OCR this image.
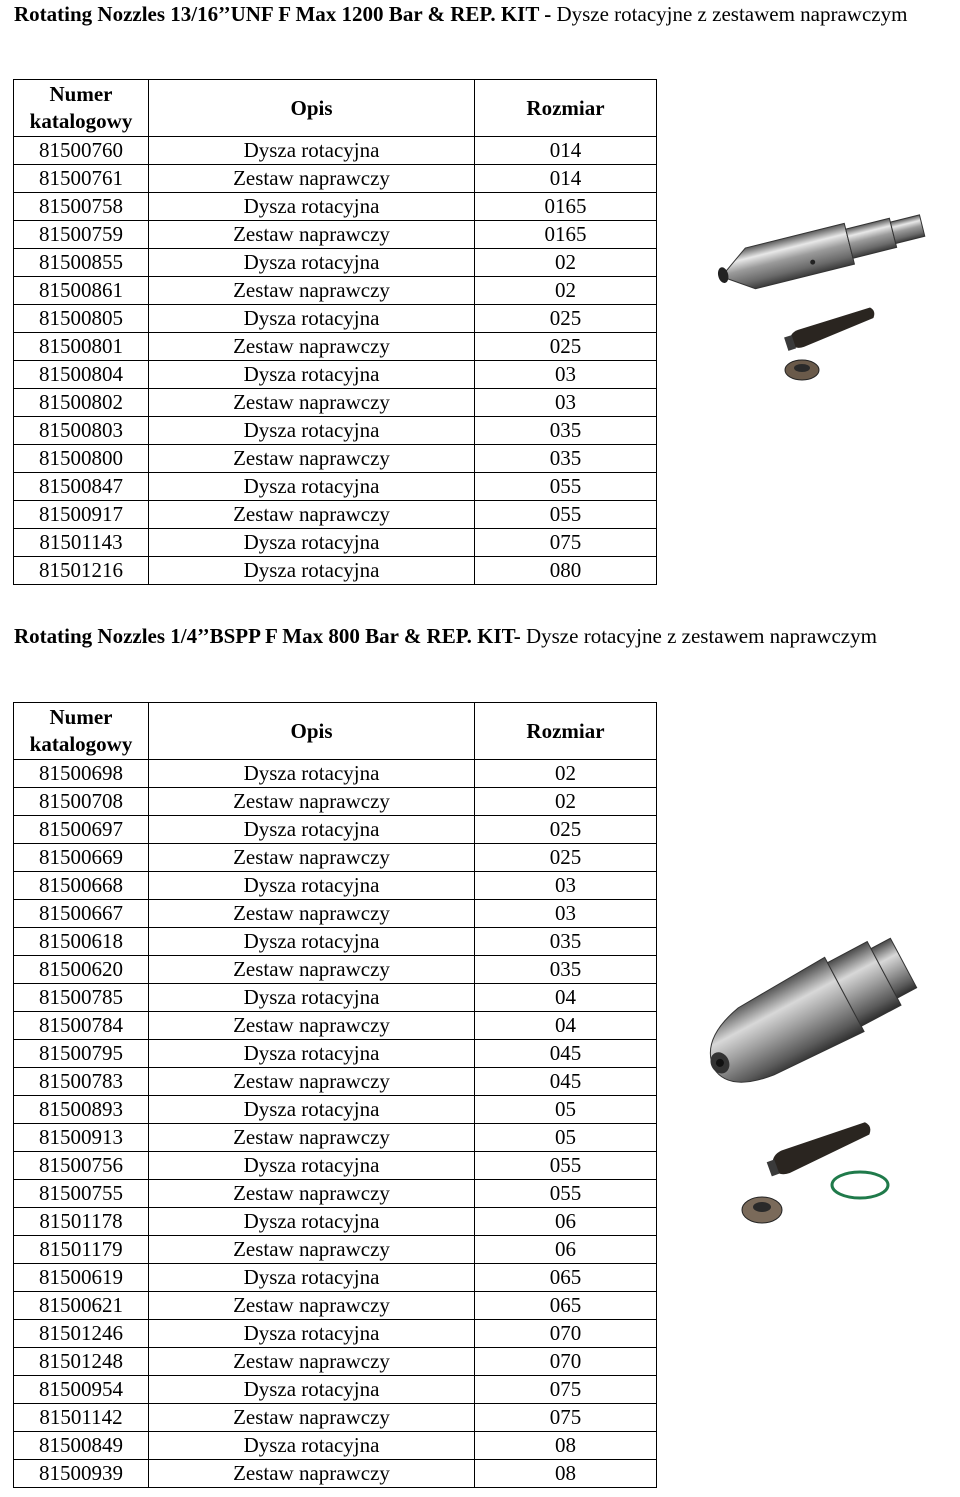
Rotating Nozzles 13/16’’UNF F Max 1200 Bar & REP. KIT - Dysze rotacyjne z zestawem naprawczym
Numer katalogowy	Opis	Rozmiar
81500760	Dysza rotacyjna	014
81500761	Zestaw naprawczy	014
81500758	Dysza rotacyjna	0165
81500759	Zestaw naprawczy	0165
81500855	Dysza rotacyjna	02
81500861	Zestaw naprawczy	02
81500805	Dysza rotacyjna	025
81500801	Zestaw naprawczy	025
81500804	Dysza rotacyjna	03
81500802	Zestaw naprawczy	03
81500803	Dysza rotacyjna	035
81500800	Zestaw naprawczy	035
81500847	Dysza rotacyjna	055
81500917	Zestaw naprawczy	055
81501143	Dysza rotacyjna	075
81501216	Dysza rotacyjna	080
Rotating Nozzles 1/4’’BSPP F Max 800 Bar & REP. KIT- Dysze rotacyjne z zestawem naprawczym
Numer katalogowy	Opis	Rozmiar
81500698	Dysza rotacyjna	02
81500708	Zestaw naprawczy	02
81500697	Dysza rotacyjna	025
81500669	Zestaw naprawczy	025
81500668	Dysza rotacyjna	03
81500667	Zestaw naprawczy	03
81500618	Dysza rotacyjna	035
81500620	Zestaw naprawczy	035
81500785	Dysza rotacyjna	04
81500784	Zestaw naprawczy	04
81500795	Dysza rotacyjna	045
81500783	Zestaw naprawczy	045
81500893	Dysza rotacyjna	05
81500913	Zestaw naprawczy	05
81500756	Dysza rotacyjna	055
81500755	Zestaw naprawczy	055
81501178	Dysza rotacyjna	06
81501179	Zestaw naprawczy	06
81500619	Dysza rotacyjna	065
81500621	Zestaw naprawczy	065
81501246	Dysza rotacyjna	070
81501248	Zestaw naprawczy	070
81500954	Dysza rotacyjna	075
81501142	Zestaw naprawczy	075
81500849	Dysza rotacyjna	08
81500939	Zestaw naprawczy	08
